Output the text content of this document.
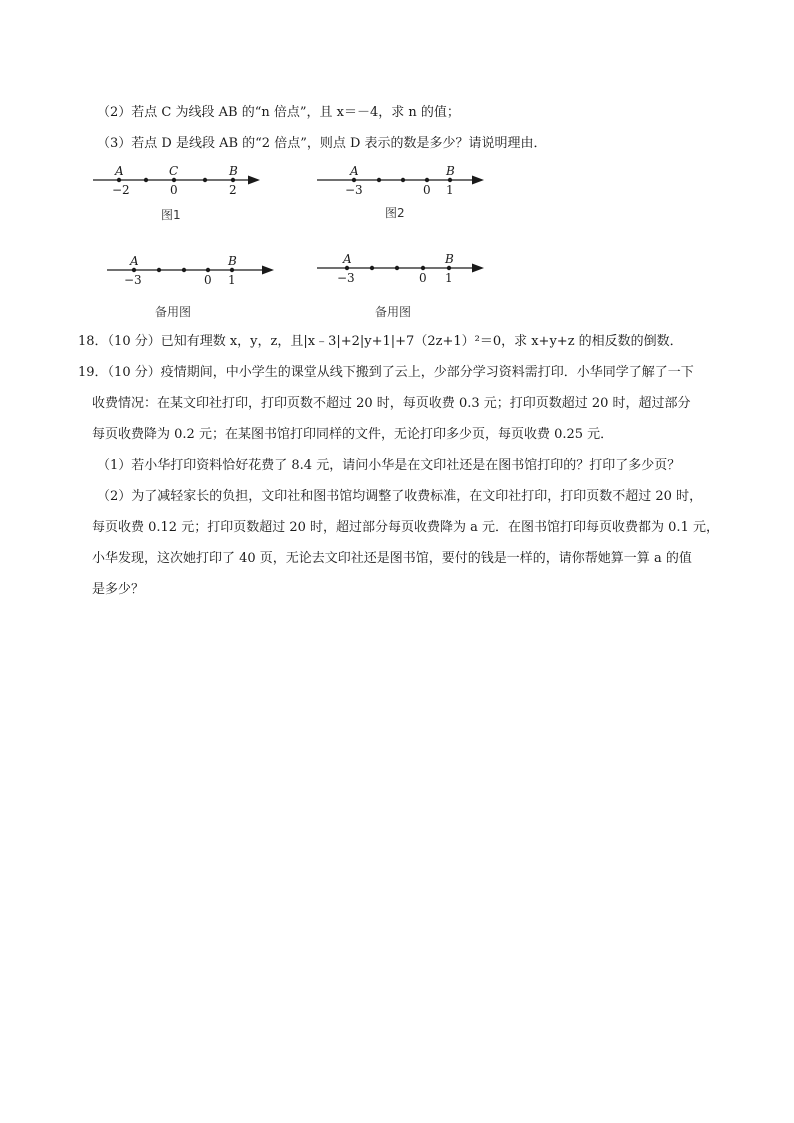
（2）若点 C 为线段 AB 的“n 倍点”，且 x＝－4，求 n 的值；
（3）若点 D 是线段 AB 的“2 倍点”，则点 D 表示的数是多少？请说明理由．
A	C	B
−2	0	2
图1
A	B
−3	0 1
图2
A	B
−3	0 1
备用图
A	B
−3	0 1
备用图
18．（10 分）已知有理数 x，y，z，且|x﹣3|+2|y+1|+7（2z+1）²＝0，求 x+y+z 的相反数的倒数．
19．（10 分）疫情期间，中小学生的课堂从线下搬到了云上，少部分学习资料需打印．小华同学了解了一下
收费情况：在某文印社打印，打印页数不超过 20 时，每页收费 0.3 元；打印页数超过 20 时，超过部分
每页收费降为 0.2 元；在某图书馆打印同样的文件，无论打印多少页，每页收费 0.25 元．
（1）若小华打印资料恰好花费了 8.4 元，请问小华是在文印社还是在图书馆打印的？打印了多少页？
（2）为了减轻家长的负担，文印社和图书馆均调整了收费标准，在文印社打印，打印页数不超过 20 时，
每页收费 0.12 元；打印页数超过 20 时，超过部分每页收费降为 a 元．在图书馆打印每页收费都为 0.1 元，
小华发现，这次她打印了 40 页，无论去文印社还是图书馆，要付的钱是一样的，请你帮她算一算 a 的值
是多少？
